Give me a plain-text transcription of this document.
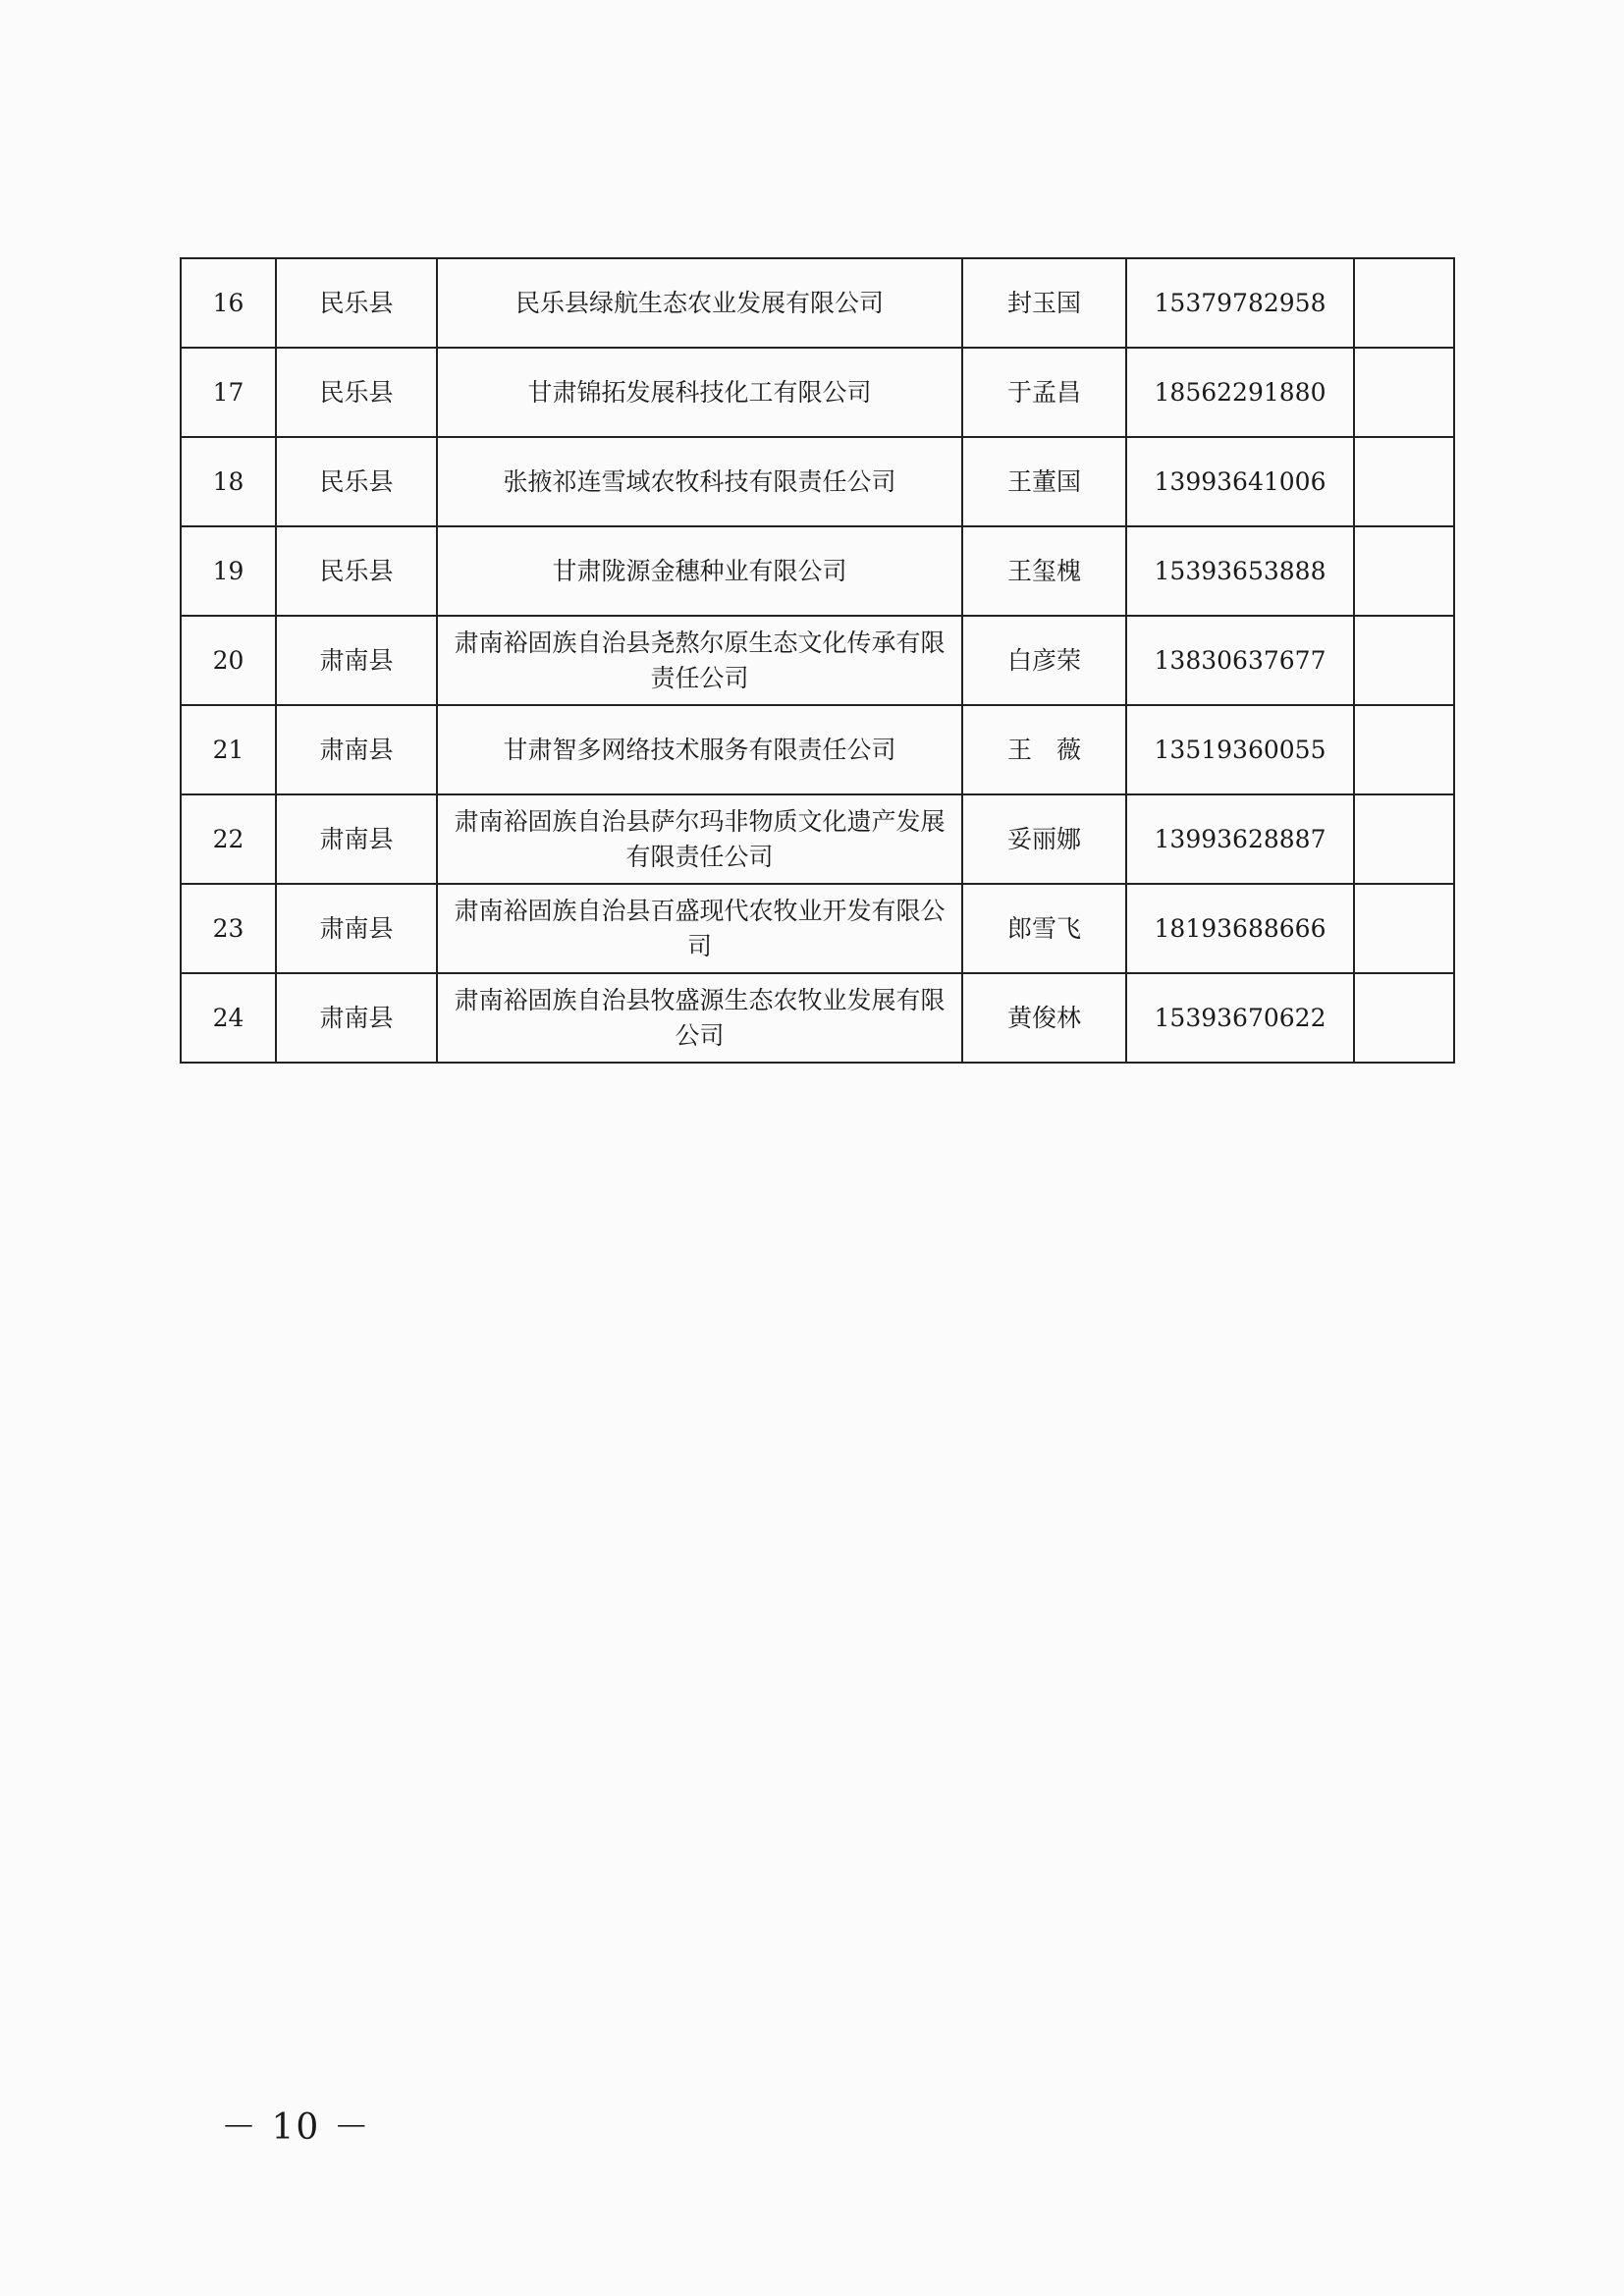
16	民乐县	民乐县绿航生态农业发展有限公司	封玉国	15379782958	
17	民乐县	甘肃锦拓发展科技化工有限公司	于孟昌	18562291880	
18	民乐县	张掖祁连雪域农牧科技有限责任公司	王董国	13993641006	
19	民乐县	甘肃陇源金穗种业有限公司	王玺槐	15393653888	
20	肃南县	肃南裕固族自治县尧熬尔原生态文化传承有限责任公司	白彦荣	13830637677	
21	肃南县	甘肃智多网络技术服务有限责任公司	王　薇	13519360055	
22	肃南县	肃南裕固族自治县萨尔玛非物质文化遗产发展有限责任公司	妥丽娜	13993628887	
23	肃南县	肃南裕固族自治县百盛现代农牧业开发有限公司	郎雪飞	18193688666	
24	肃南县	肃南裕固族自治县牧盛源生态农牧业发展有限公司	黄俊林	15393670622	
－ 10 －
